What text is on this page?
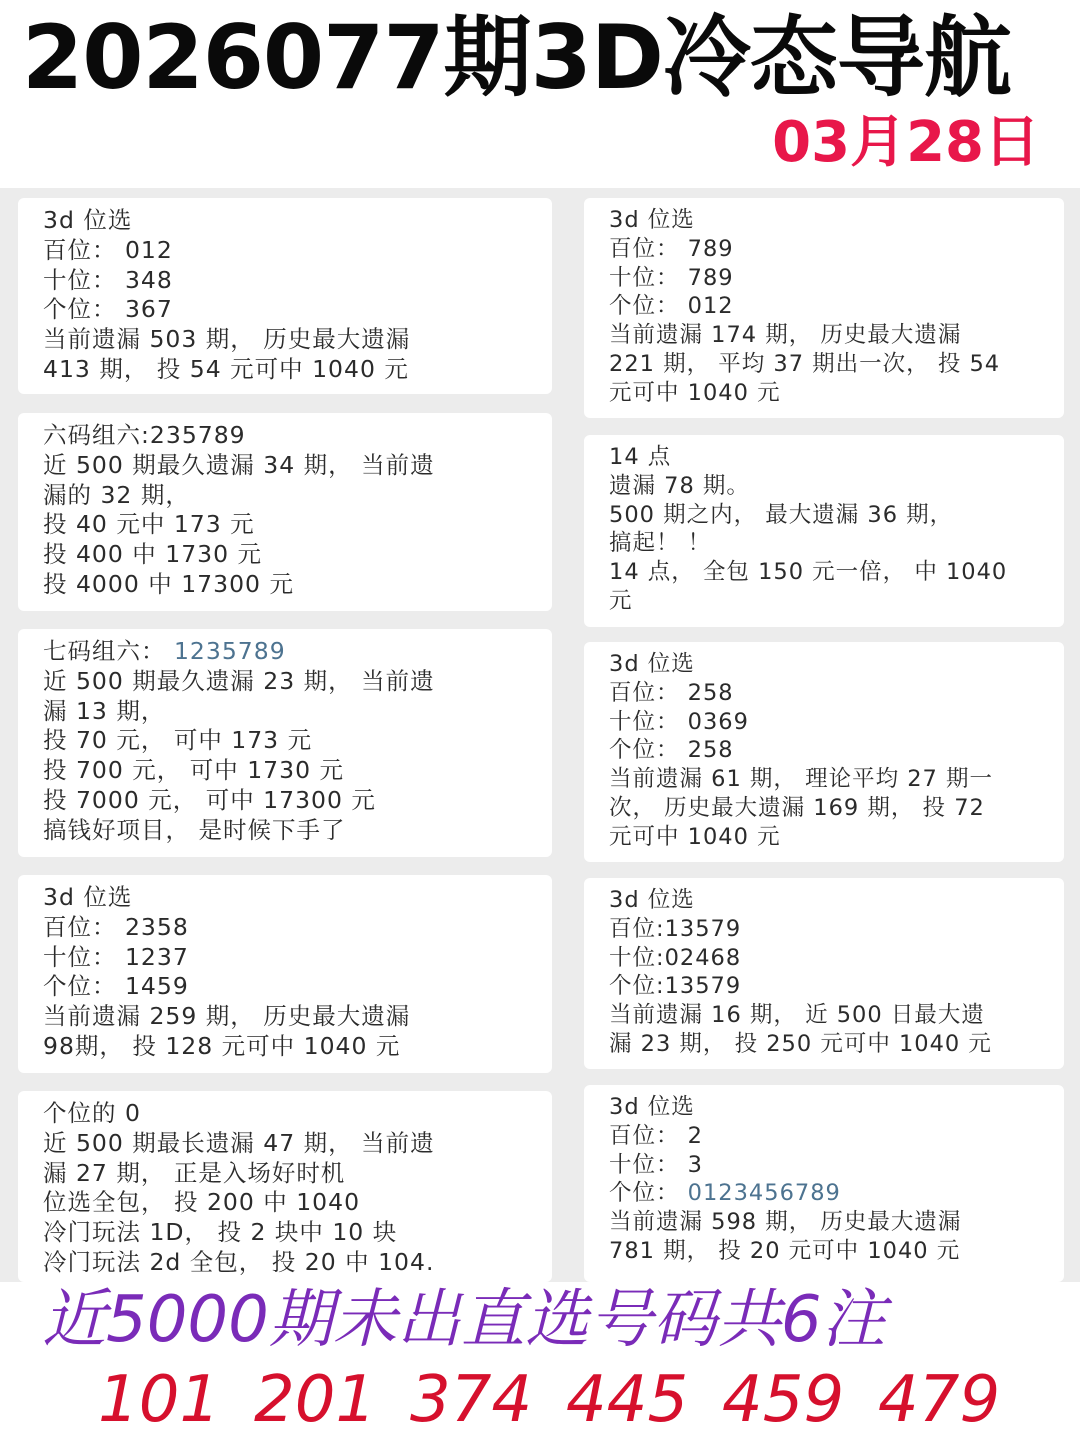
2026077期3D冷态导航
03月28日
3d 位选
百位： 012
十位： 348
个位： 367
当前遗漏 503 期， 历史最大遗漏
413 期， 投 54 元可中 1040 元
六码组六:235789
近 500 期最久遗漏 34 期， 当前遗
漏的 32 期，
投 40 元中 173 元
投 400 中 1730 元
投 4000 中 17300 元
七码组六： 1235789
近 500 期最久遗漏 23 期， 当前遗
漏 13 期，
投 70 元， 可中 173 元
投 700 元， 可中 1730 元
投 7000 元， 可中 17300 元
搞钱好项目， 是时候下手了
3d 位选
百位： 2358
十位： 1237
个位： 1459
当前遗漏 259 期， 历史最大遗漏
98期， 投 128 元可中 1040 元
个位的 0
近 500 期最长遗漏 47 期， 当前遗
漏 27 期， 正是入场好时机
位选全包， 投 200 中 1040
冷门玩法 1D， 投 2 块中 10 块
冷门玩法 2d 全包， 投 20 中 104.
3d 位选
百位： 789
十位： 789
个位： 012
当前遗漏 174 期， 历史最大遗漏
221 期， 平均 37 期出一次， 投 54
元可中 1040 元
14 点
遗漏 78 期。
500 期之内， 最大遗漏 36 期，
搞起！ ！
14 点， 全包 150 元一倍， 中 1040
元
3d 位选
百位： 258
十位： 0369
个位： 258
当前遗漏 61 期， 理论平均 27 期一
次， 历史最大遗漏 169 期， 投 72
元可中 1040 元
3d 位选
百位:13579
十位:02468
个位:13579
当前遗漏 16 期， 近 500 日最大遗
漏 23 期， 投 250 元可中 1040 元
3d 位选
百位： 2
十位： 3
个位： 0123456789
当前遗漏 598 期， 历史最大遗漏
781 期， 投 20 元可中 1040 元
近5000期未出直选号码共6注
101 201 374 445 459 479
